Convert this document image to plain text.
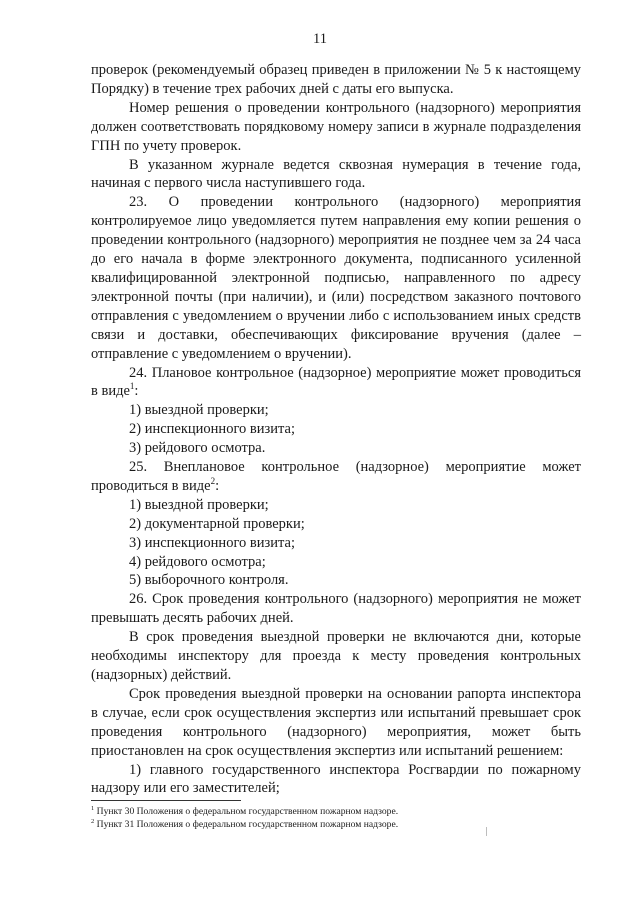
11

проверок (рекомендуемый образец приведен в приложении № 5 к настоящему Порядку) в течение трех рабочих дней с даты его выпуска.

Номер решения о проведении контрольного (надзорного) мероприятия должен соответствовать порядковому номеру записи в журнале подразделения ГПН по учету проверок.

В указанном журнале ведется сквозная нумерация в течение года, начиная с первого числа наступившего года.

23. О проведении контрольного (надзорного) мероприятия контролируемое лицо уведомляется путем направления ему копии решения о проведении контрольного (надзорного) мероприятия не позднее чем за 24 часа до его начала в форме электронного документа, подписанного усиленной квалифицированной электронной подписью, направленного по адресу электронной почты (при наличии), и (или) посредством заказного почтового отправления с уведомлением о вручении либо с использованием иных средств связи и доставки, обеспечивающих фиксирование вручения (далее – отправление с уведомлением о вручении).

24. Плановое контрольное (надзорное) мероприятие может проводиться в виде$^1$:

1) выездной проверки;

2) инспекционного визита;

3) рейдового осмотра.

25. Внеплановое контрольное (надзорное) мероприятие может проводиться в виде$^2$:

1) выездной проверки;

2) документарной проверки;

3) инспекционного визита;

4) рейдового осмотра;

5) выборочного контроля.

26. Срок проведения контрольного (надзорного) мероприятия не может превышать десять рабочих дней.

В срок проведения выездной проверки не включаются дни, которые необходимы инспектору для проезда к месту проведения контрольных (надзорных) действий.

Срок проведения выездной проверки на основании рапорта инспектора в случае, если срок осуществления экспертиз или испытаний превышает срок проведения контрольного (надзорного) мероприятия, может быть приостановлен на срок осуществления экспертиз или испытаний решением:

1) главного государственного инспектора Росгвардии по пожарному надзору или его заместителей;

$^1$ Пункт 30 Положения о федеральном государственном пожарном надзоре.

$^2$ Пункт 31 Положения о федеральном государственном пожарном надзоре.
